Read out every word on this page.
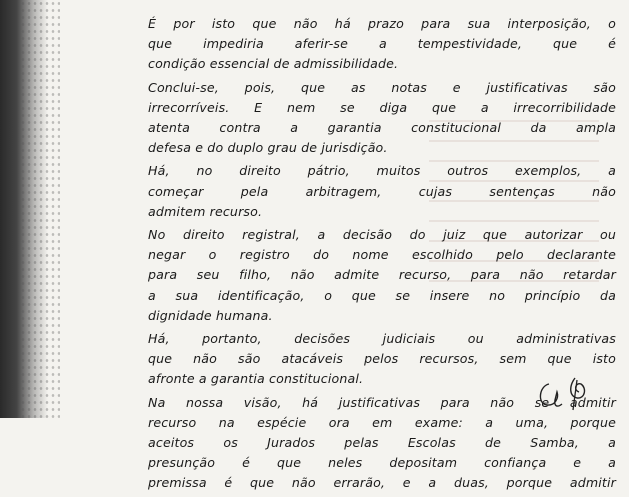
É por isto que não há prazo para sua interposição, o
que impediria aferir-se a tempestividade, que é
condição essencial de admissibilidade.

Conclui-se, pois, que as notas e justificativas são
irrecorríveis. E nem se diga que a irrecorribilidade
atenta contra a garantia constitucional da ampla
defesa e do duplo grau de jurisdição.

Há, no direito pátrio, muitos outros exemplos, a
começar pela arbitragem, cujas sentenças não
admitem recurso.

No direito registral, a decisão do juiz que autorizar ou
negar o registro do nome escolhido pelo declarante
para seu filho, não admite recurso, para não retardar
a sua identificação, o que se insere no princípio da
dignidade humana.

Há, portanto, decisões judiciais ou administrativas
que não são atacáveis pelos recursos, sem que isto
afronte a garantia constitucional.

Na nossa visão, há justificativas para não se admitir
recurso na espécie ora em exame: a uma, porque
aceitos os Jurados pelas Escolas de Samba, a
presunção é que neles depositam confiança e a
premissa é que não errarão, e a duas, porque admitir
